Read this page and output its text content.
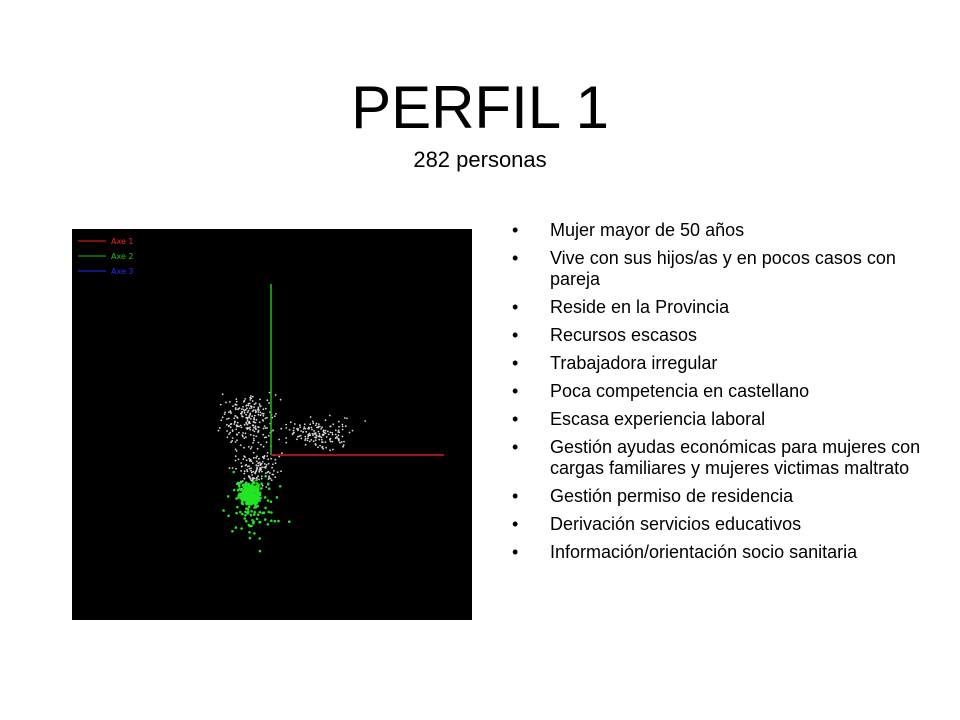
PERFIL 1
282 personas
Axe 1
Axe 2
Axe 3
•	Mujer mayor de 50 años
•	Vive con sus hijos/as y en pocos casos con pareja
•	Reside en la Provincia
•	Recursos escasos
•	Trabajadora irregular
•	Poca competencia en castellano
•	Escasa experiencia laboral
•	Gestión ayudas económicas para mujeres con cargas familiares y mujeres victimas maltrato
•	Gestión permiso de residencia
•	Derivación servicios educativos
•	Información/orientación socio sanitaria
